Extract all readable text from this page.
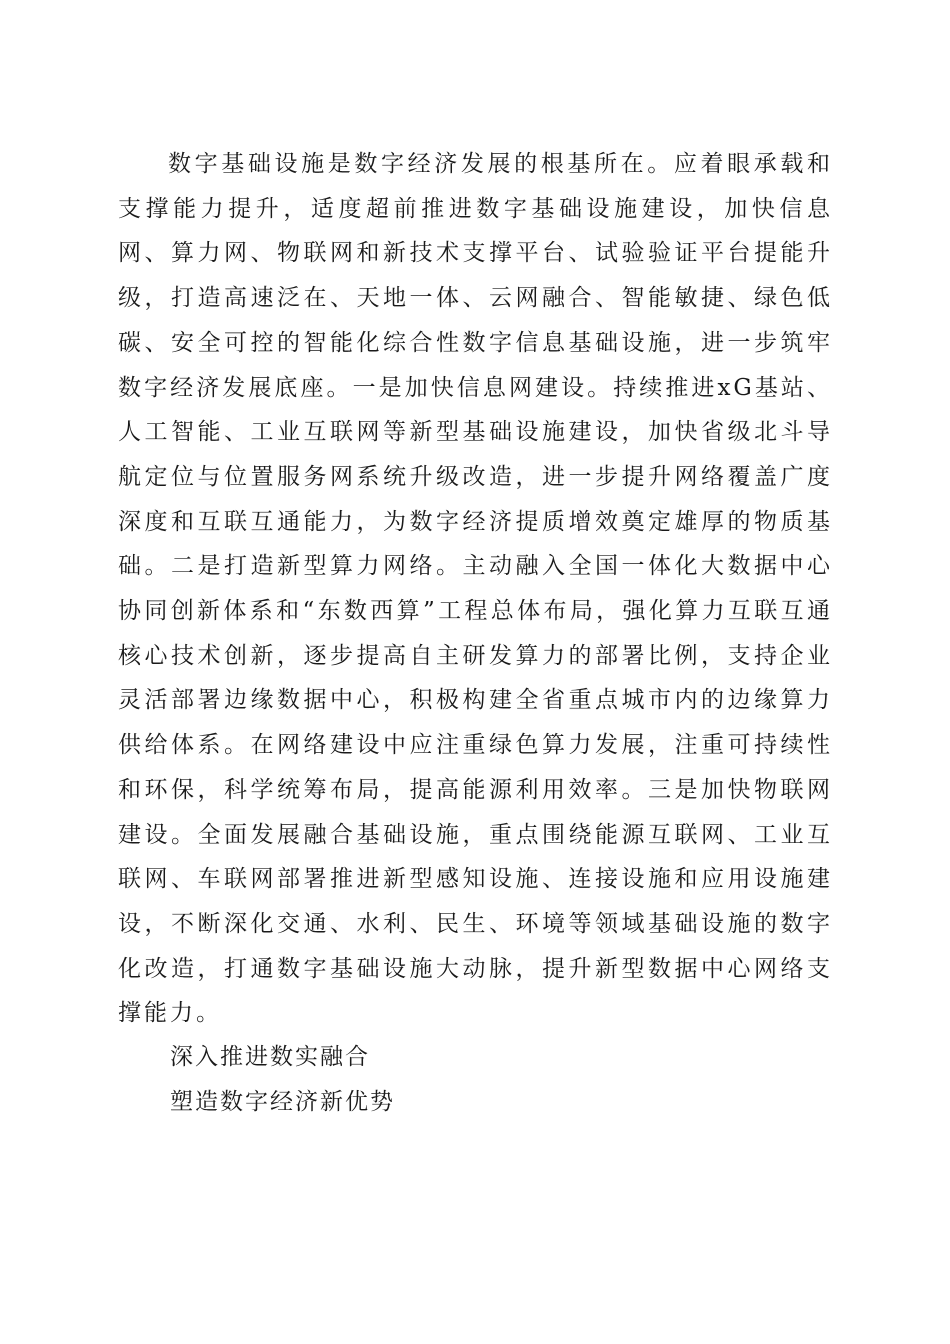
数字基础设施是数字经济发展的根基所在。应着眼承载和支撑能力提升，适度超前推进数字基础设施建设，加快信息网、算力网、物联网和新技术支撑平台、试验验证平台提能升级，打造高速泛在、天地一体、云网融合、智能敏捷、绿色低碳、安全可控的智能化综合性数字信息基础设施，进一步筑牢数字经济发展底座。一是加快信息网建设。持续推进xG基站、人工智能、工业互联网等新型基础设施建设，加快省级北斗导航定位与位置服务网系统升级改造，进一步提升网络覆盖广度深度和互联互通能力，为数字经济提质增效奠定雄厚的物质基础。二是打造新型算力网络。主动融入全国一体化大数据中心协同创新体系和“东数西算”工程总体布局，强化算力互联互通核心技术创新，逐步提高自主研发算力的部署比例，支持企业灵活部署边缘数据中心，积极构建全省重点城市内的边缘算力供给体系。在网络建设中应注重绿色算力发展，注重可持续性和环保，科学统筹布局，提高能源利用效率。三是加快物联网建设。全面发展融合基础设施，重点围绕能源互联网、工业互联网、车联网部署推进新型感知设施、连接设施和应用设施建设，不断深化交通、水利、民生、环境等领域基础设施的数字化改造，打通数字基础设施大动脉，提升新型数据中心网络支撑能力。

深入推进数实融合

塑造数字经济新优势
